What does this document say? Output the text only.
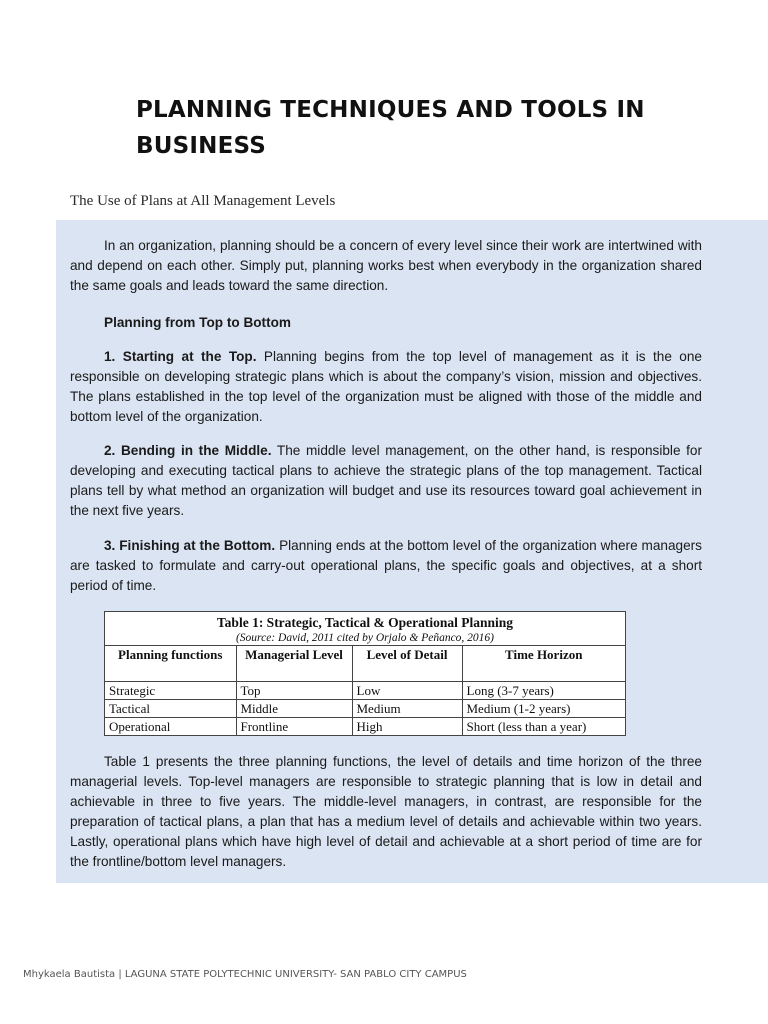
PLANNING TECHNIQUES AND TOOLS IN BUSINESS
The Use of Plans at All Management Levels

In an organization, planning should be a concern of every level since their work are intertwined with and depend on each other. Simply put, planning works best when everybody in the organization shared the same goals and leads toward the same direction.

Planning from Top to Bottom

1. Starting at the Top. Planning begins from the top level of management as it is the one responsible on developing strategic plans which is about the company’s vision, mission and objectives. The plans established in the top level of the organization must be aligned with those of the middle and bottom level of the organization.

2. Bending in the Middle. The middle level management, on the other hand, is responsible for developing and executing tactical plans to achieve the strategic plans of the top management. Tactical plans tell by what method an organization will budget and use its resources toward goal achievement in the next five years.

3. Finishing at the Bottom. Planning ends at the bottom level of the organization where managers are tasked to formulate and carry-out operational plans, the specific goals and objectives, at a short period of time.

Table 1: Strategic, Tactical & Operational Planning
(Source: David, 2011 cited by Orjalo & Peñanco, 2016)
Planning functions	Managerial Level	Level of Detail	Time Horizon
Strategic	Top	Low	Long (3-7 years)
Tactical	Middle	Medium	Medium (1-2 years)
Operational	Frontline	High	Short (less than a year)

Table 1 presents the three planning functions, the level of details and time horizon of the three managerial levels. Top-level managers are responsible to strategic planning that is low in detail and achievable in three to five years. The middle-level managers, in contrast, are responsible for the preparation of tactical plans, a plan that has a medium level of details and achievable within two years. Lastly, operational plans which have high level of detail and achievable at a short period of time are for the frontline/bottom level managers.

Mhykaela Bautista | LAGUNA STATE POLYTECHNIC UNIVERSITY- SAN PABLO CITY CAMPUS
